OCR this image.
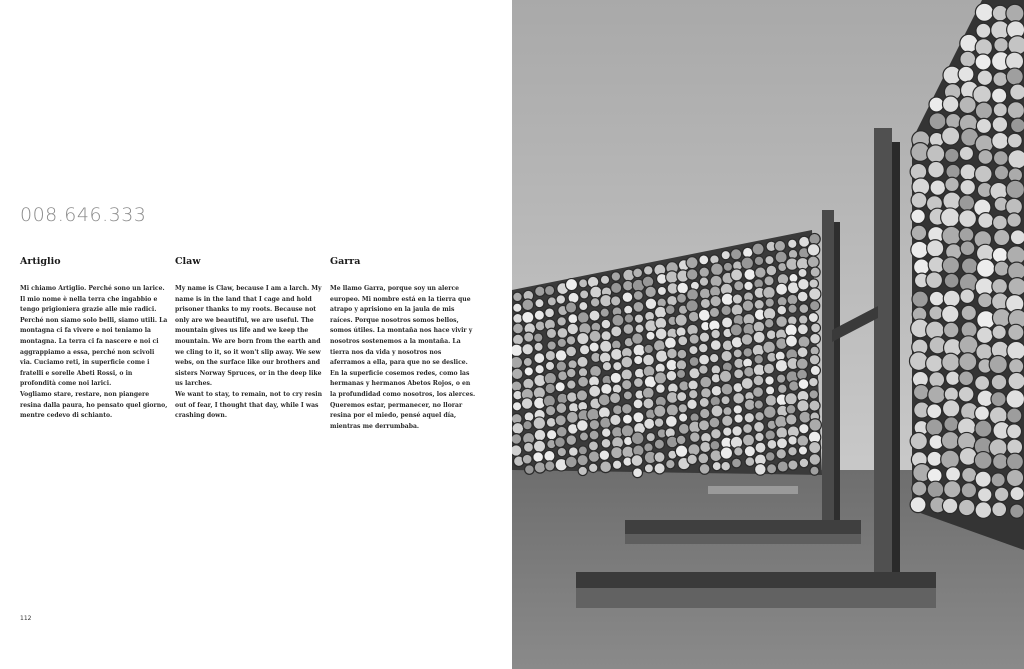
008.646.333
Artiglio

Mi chiamo Artiglio. Perché sono un larice. Il mio nome è nella terra che ingabbio e tengo prigioniera grazie alle mie radici. Perché non siamo solo belli, siamo utili. La montagna ci fa vivere e noi teniamo la montagna. La terra ci fa nascere e noi ci aggrappiamo a essa, perché non scivoli via. Cuciamo reti, in superficie come i fratelli e sorelle Abeti Rossi, o in profondità come noi larici.

Vogliamo stare, restare, non piangere resina dalla paura, ho pensato quel giorno, mentre cedevo di schianto.

Claw

My name is Claw, because I am a larch. My name is in the land that I cage and hold prisoner thanks to my roots. Because not only are we beautiful, we are useful. The mountain gives us life and we keep the mountain. We are born from the earth and we cling to it, so it won't slip away. We sew webs, on the surface like our brothers and sisters Norway Spruces, or in the deep like us larches.

We want to stay, to remain, not to cry resin out of fear, I thought that day, while I was crashing down.

Garra

Me llamo Garra, porque soy un alerce europeo. Mi nombre está en la tierra que atrapo y aprisiono en la jaula de mis raíces. Porque nosotros somos bellos, somos útiles. La montaña nos hace vivir y nosotros sostenemos a la montaña. La tierra nos da vida y nosotros nos aferramos a ella, para que no se deslice. En la superficie cosemos redes, como las hermanas y hermanos Abetos Rojos, o en la profundidad como nosotros, los alerces.

Queremos estar, permanecer, no llorar resina por el miedo, pensé aquel día, mientras me derrumbaba.

112
